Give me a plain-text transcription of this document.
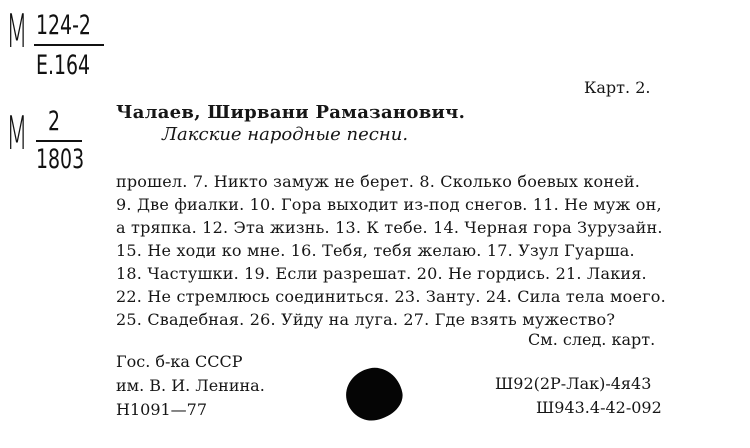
M 124-2
Е.164
M 2
1803
Карт. 2.
Чалаев, Ширвани Рамазанович.
Лакские народные песни.
прошел. 7. Никто замуж не берет. 8. Сколько боевых коней.
9. Две фиалки. 10. Гора выходит из-под снегов. 11. Не муж он,
а тряпка. 12. Эта жизнь. 13. К тебе. 14. Черная гора Зурузайн.
15. Не ходи ко мне. 16. Тебя, тебя желаю. 17. Узул Гуарша.
18. Частушки. 19. Если разрешат. 20. Не гордись. 21. Лакия.
22. Не стремлюсь соединиться. 23. Занту. 24. Сила тела моего.
25. Свадебная. 26. Уйду на луга. 27. Где взять мужество?
См. след. карт.
Гос. б-ка СССР
им. В. И. Ленина.
Н1091—77
Ш92(2Р-Лак)-4я43
Ш943.4-42-092
